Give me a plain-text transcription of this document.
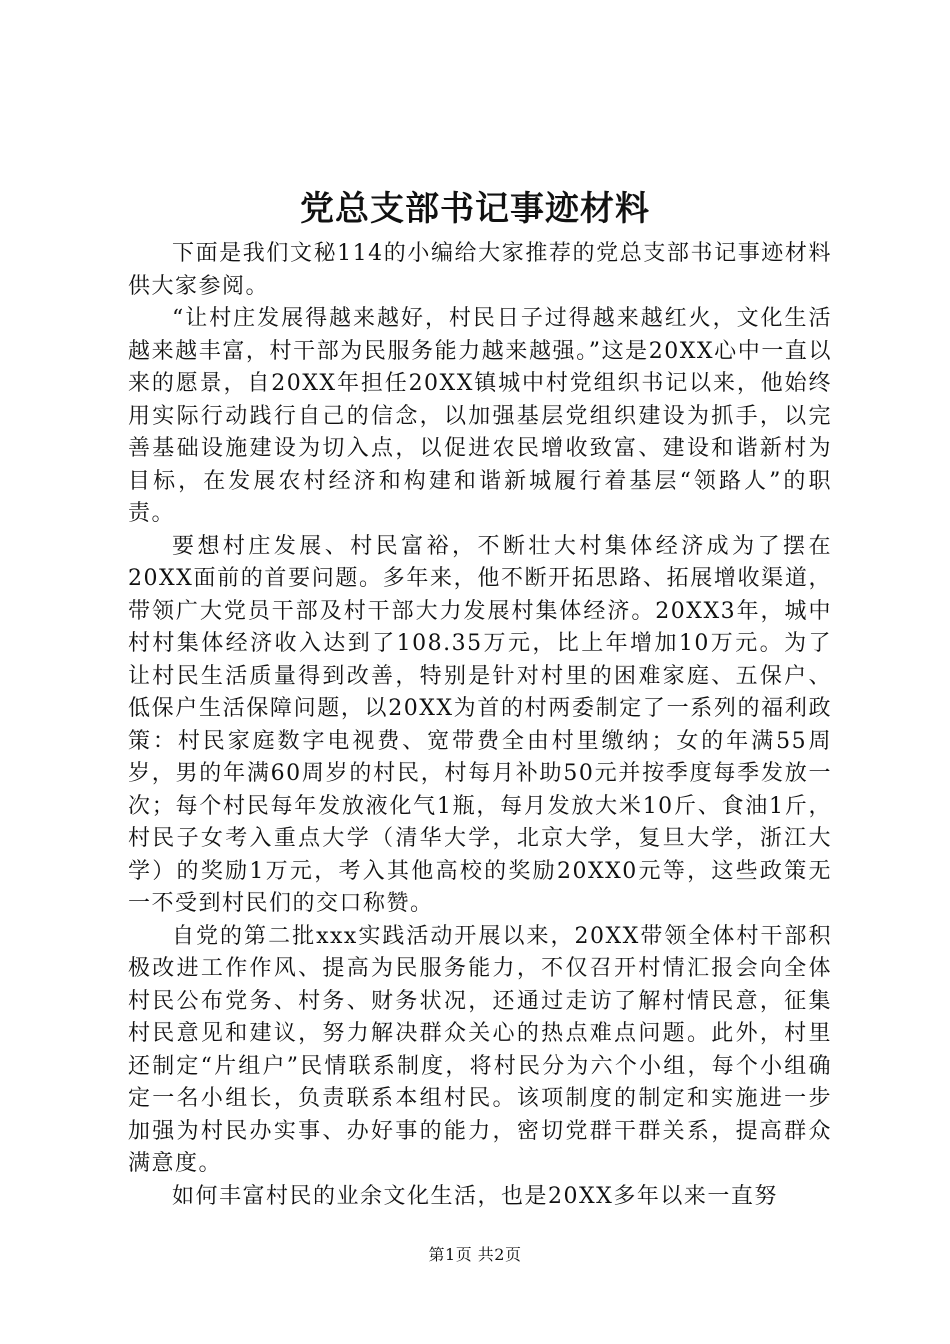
党总支部书记事迹材料

下面是我们文秘114的小编给大家推荐的党总支部书记事迹材料供大家参阅。

“让村庄发展得越来越好，村民日子过得越来越红火，文化生活越来越丰富，村干部为民服务能力越来越强。”这是20XX心中一直以来的愿景，自20XX年担任20XX镇城中村党组织书记以来，他始终用实际行动践行自己的信念，以加强基层党组织建设为抓手，以完善基础设施建设为切入点，以促进农民增收致富、建设和谐新村为目标，在发展农村经济和构建和谐新城履行着基层“领路人”的职责。

要想村庄发展、村民富裕，不断壮大村集体经济成为了摆在20XX面前的首要问题。多年来，他不断开拓思路、拓展增收渠道，带领广大党员干部及村干部大力发展村集体经济。20XX3年，城中村村集体经济收入达到了108.35万元，比上年增加10万元。为了让村民生活质量得到改善，特别是针对村里的困难家庭、五保户、低保户生活保障问题，以20XX为首的村两委制定了一系列的福利政策：村民家庭数字电视费、宽带费全由村里缴纳；女的年满55周岁，男的年满60周岁的村民，村每月补助50元并按季度每季发放一次；每个村民每年发放液化气1瓶，每月发放大米10斤、食油1斤，村民子女考入重点大学（清华大学，北京大学，复旦大学，浙江大学）的奖励1万元，考入其他高校的奖励20XX0元等，这些政策无一不受到村民们的交口称赞。

自党的第二批xxx实践活动开展以来，20XX带领全体村干部积极改进工作作风、提高为民服务能力，不仅召开村情汇报会向全体村民公布党务、村务、财务状况，还通过走访了解村情民意，征集村民意见和建议，努力解决群众关心的热点难点问题。此外，村里还制定“片组户”民情联系制度，将村民分为六个小组，每个小组确定一名小组长，负责联系本组村民。该项制度的制定和实施进一步加强为村民办实事、办好事的能力，密切党群干群关系，提高群众满意度。

如何丰富村民的业余文化生活，也是20XX多年以来一直努

第1页 共2页
